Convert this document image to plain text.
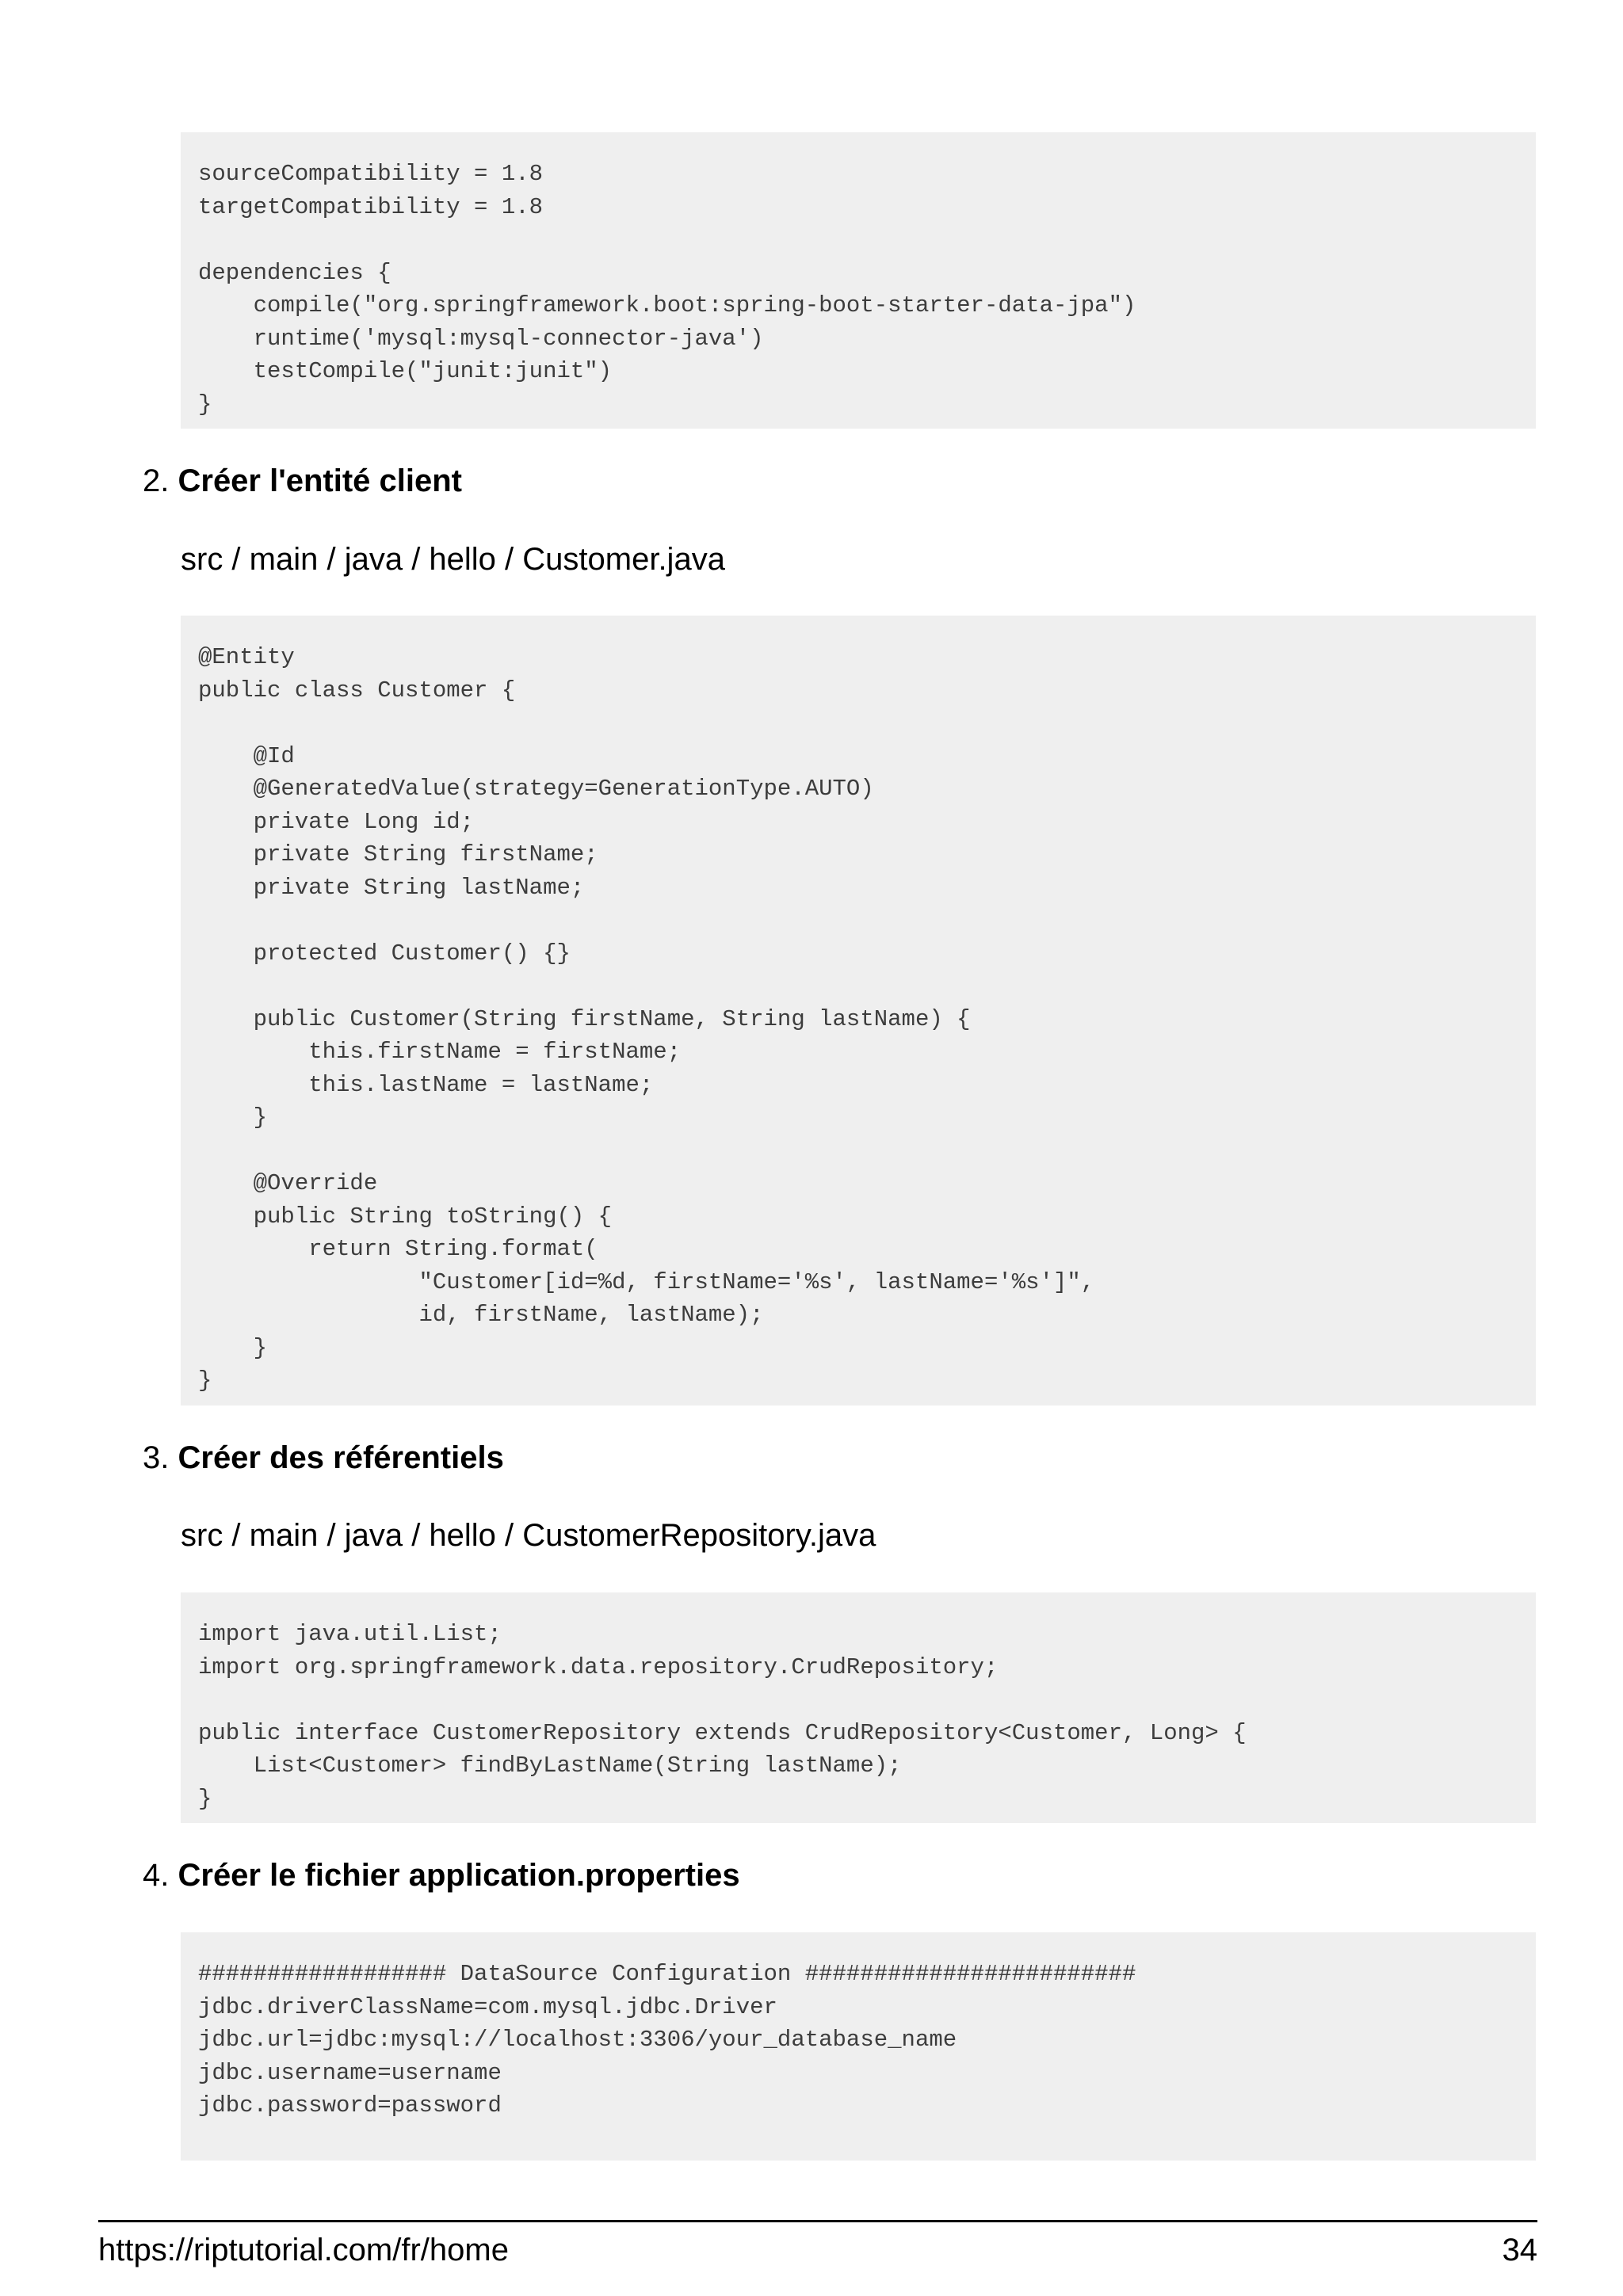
sourceCompatibility = 1.8
targetCompatibility = 1.8

dependencies {
compile("org.springframework.boot:spring-boot-starter-data-jpa")
runtime('mysql:mysql-connector-java')
testCompile("junit:junit")
}
2. Créer l'entité client

src / main / java / hello / Customer.java

@Entity
public class Customer {

@Id
@GeneratedValue(strategy=GenerationType.AUTO)
private Long id;
private String firstName;
private String lastName;

protected Customer() {}

public Customer(String firstName, String lastName) {
this.firstName = firstName;
this.lastName = lastName;
}

@Override
public String toString() {
return String.format(
"Customer[id=%d, firstName='%s', lastName='%s']",
id, firstName, lastName);
}
}
3. Créer des référentiels

src / main / java / hello / CustomerRepository.java

import java.util.List;
import org.springframework.data.repository.CrudRepository;

public interface CustomerRepository extends CrudRepository<Customer, Long> {
List<Customer> findByLastName(String lastName);
}
4. Créer le fichier application.properties
################## DataSource Configuration ########################
jdbc.driverClassName=com.mysql.jdbc.Driver
jdbc.url=jdbc:mysql://localhost:3306/your_database_name
jdbc.username=username
jdbc.password=password
https://riptutorial.com/fr/home	34
